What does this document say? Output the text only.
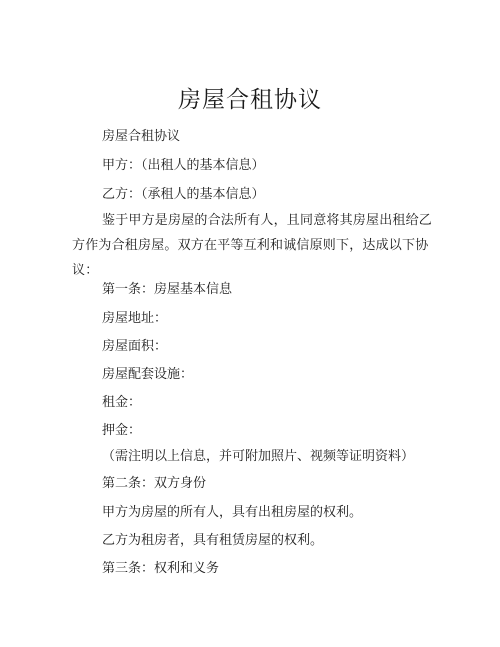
房屋合租协议
房屋合租协议
甲方：（出租人的基本信息）
乙方：（承租人的基本信息）
鉴于甲方是房屋的合法所有人，且同意将其房屋出租给乙方作为合租房屋。双方在平等互利和诚信原则下，达成以下协议：
第一条：房屋基本信息
房屋地址：
房屋面积：
房屋配套设施：
租金：
押金：
（需注明以上信息，并可附加照片、视频等证明资料）
第二条：双方身份
甲方为房屋的所有人，具有出租房屋的权利。
乙方为租房者，具有租赁房屋的权利。
第三条：权利和义务
